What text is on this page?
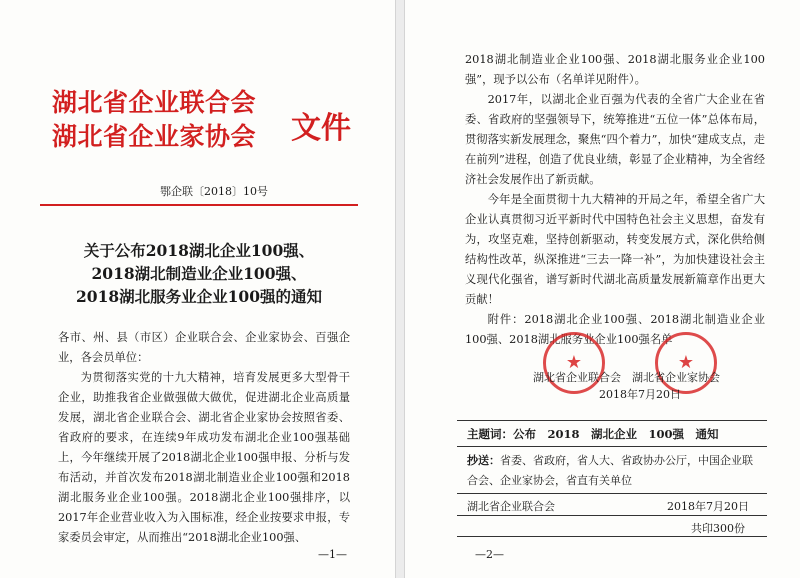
湖北省企业联合会
湖北省企业家协会 文件
鄂企联〔2018〕10号
关于公布2018湖北企业100强、
2018湖北制造业企业100强、
2018湖北服务业企业100强的通知

各市、州、县（市区）企业联合会、企业家协会、百强企业，各会员单位：

为贯彻落实党的十九大精神，培育发展更多大型骨干企业，助推我省企业做强做大做优，促进湖北企业高质量发展，湖北省企业联合会、湖北省企业家协会按照省委、省政府的要求，在连续9年成功发布湖北企业100强基础上，今年继续开展了2018湖北企业100强申报、分析与发布活动，并首次发布2018湖北制造业企业100强和2018湖北服务业企业100强。2018湖北企业100强排序，以2017年企业营业收入为入围标准，经企业按要求申报，专家委员会审定，从而推出“2018湖北企业100强、

—1—

2018湖北制造业企业100强、2018湖北服务业企业100强”，现予以公布（名单详见附件）。

2017年，以湖北企业百强为代表的全省广大企业在省委、省政府的坚强领导下，统筹推进“五位一体”总体布局，贯彻落实新发展理念，聚焦“四个着力”，加快“建成支点，走在前列”进程，创造了优良业绩，彰显了企业精神，为全省经济社会发展作出了新贡献。

今年是全面贯彻十九大精神的开局之年，希望全省广大企业认真贯彻习近平新时代中国特色社会主义思想，奋发有为，攻坚克难，坚持创新驱动，转变发展方式，深化供给侧结构性改革，纵深推进“三去一降一补”，为加快建设社会主义现代化强省，谱写新时代湖北高质量发展新篇章作出更大贡献！

附件：2018湖北企业100强、2018湖北制造业企业100强、2018湖北服务业企业100强名单

★	★
湖北省企业联合会　湖北省企业家协会
2018年7月20日
主题词：公布　2018　湖北企业　100强　通知
抄送：省委、省政府，省人大、省政协办公厅，中国企业联合会、企业家协会，省直有关单位
湖北省企业联合会	2018年7月20日
共印300份
—2—
